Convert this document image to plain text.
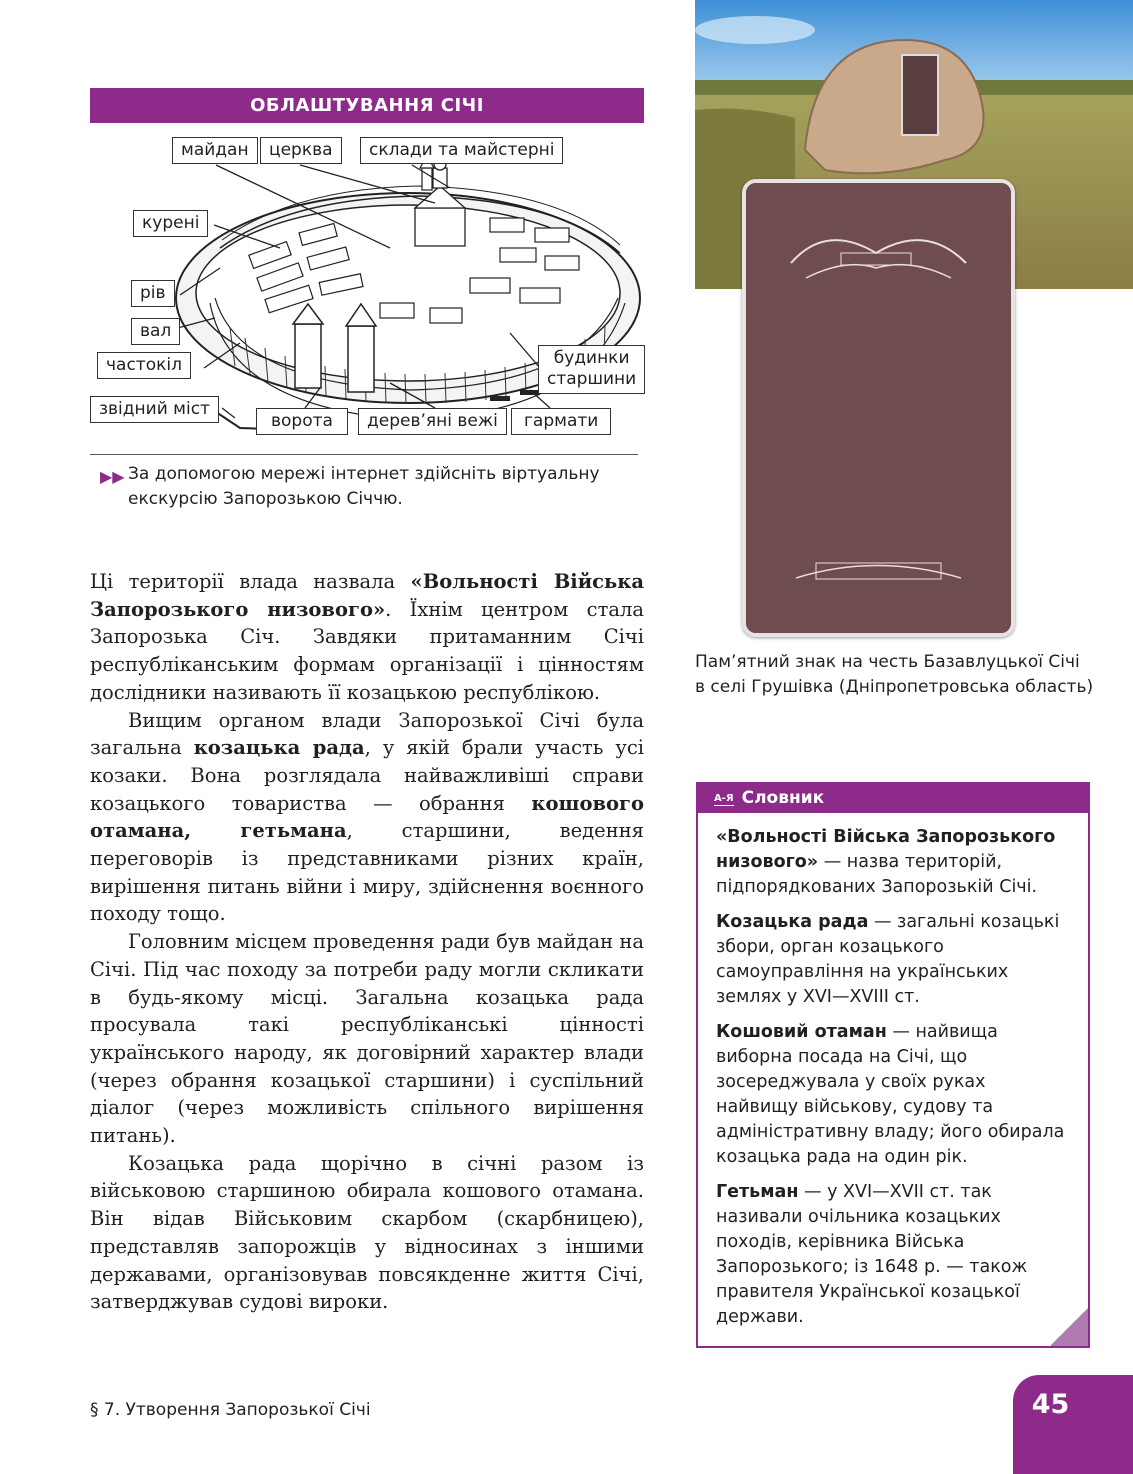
ОБЛАШТУВАННЯ СІЧІ
майдан	церква	склади та майстерні
курені
рів
вал
частокіл	будинки
старшини
звідний міст
ворота	дерев’яні вежі	гармати
▶▶ За допомогою мережі інтернет здійсніть віртуальну екскурсію Запорозькою Січчю.

Ці території влада назвала «Вольності Війська Запорозького низового». Їхнім центром стала Запорозька Січ. Завдяки притаманним Січі республіканським формам організації і цінностям дослідники називають її козацькою республікою.

Вищим органом влади Запорозької Січі була загальна козацька рада, у якій брали участь усі козаки. Вона розглядала найважливіші справи козацького товариства — обрання кошового отамана, гетьмана, старшини, ведення переговорів із представниками різних країн, вирішення питань війни і миру, здійснення воєнного походу тощо.

Головним місцем проведення ради був майдан на Січі. Під час походу за потреби раду могли скликати в будь-якому місці. Загальна козацька рада просувала такі республіканські цінності українського народу, як договірний характер влади (через обрання козацької старшини) і суспільний діалог (через можливість спільного вирішення питань).

Козацька рада щорічно в січні разом із військовою старшиною обирала кошового отамана. Він відав Військовим скарбом (скарбницею), представляв запорожців у відносинах з іншими державами, організовував повсякденне життя Січі, затверджував судові вироки.

Пам’ятний знак на честь Базавлуцької Січі в селі Грушівка (Дніпропетровська область)
А-Я Словник

«Вольності Війська Запорозького низового» — назва територій, підпорядкованих Запорозькій Січі.

Козацька рада — загальні козацькі збори, орган козацького самоуправління на українських землях у XVI—XVIII ст.

Кошовий отаман — найвища виборна посада на Січі, що зосереджувала у своїх руках найвищу військову, судову та адміністративну владу; його обирала козацька рада на один рік.

Гетьман — у XVI—XVII ст. так називали очільника козацьких походів, керівника Війська Запорозького; із 1648 р. — також правителя Української козацької держави.

§ 7. Утворення Запорозької Січі	45
